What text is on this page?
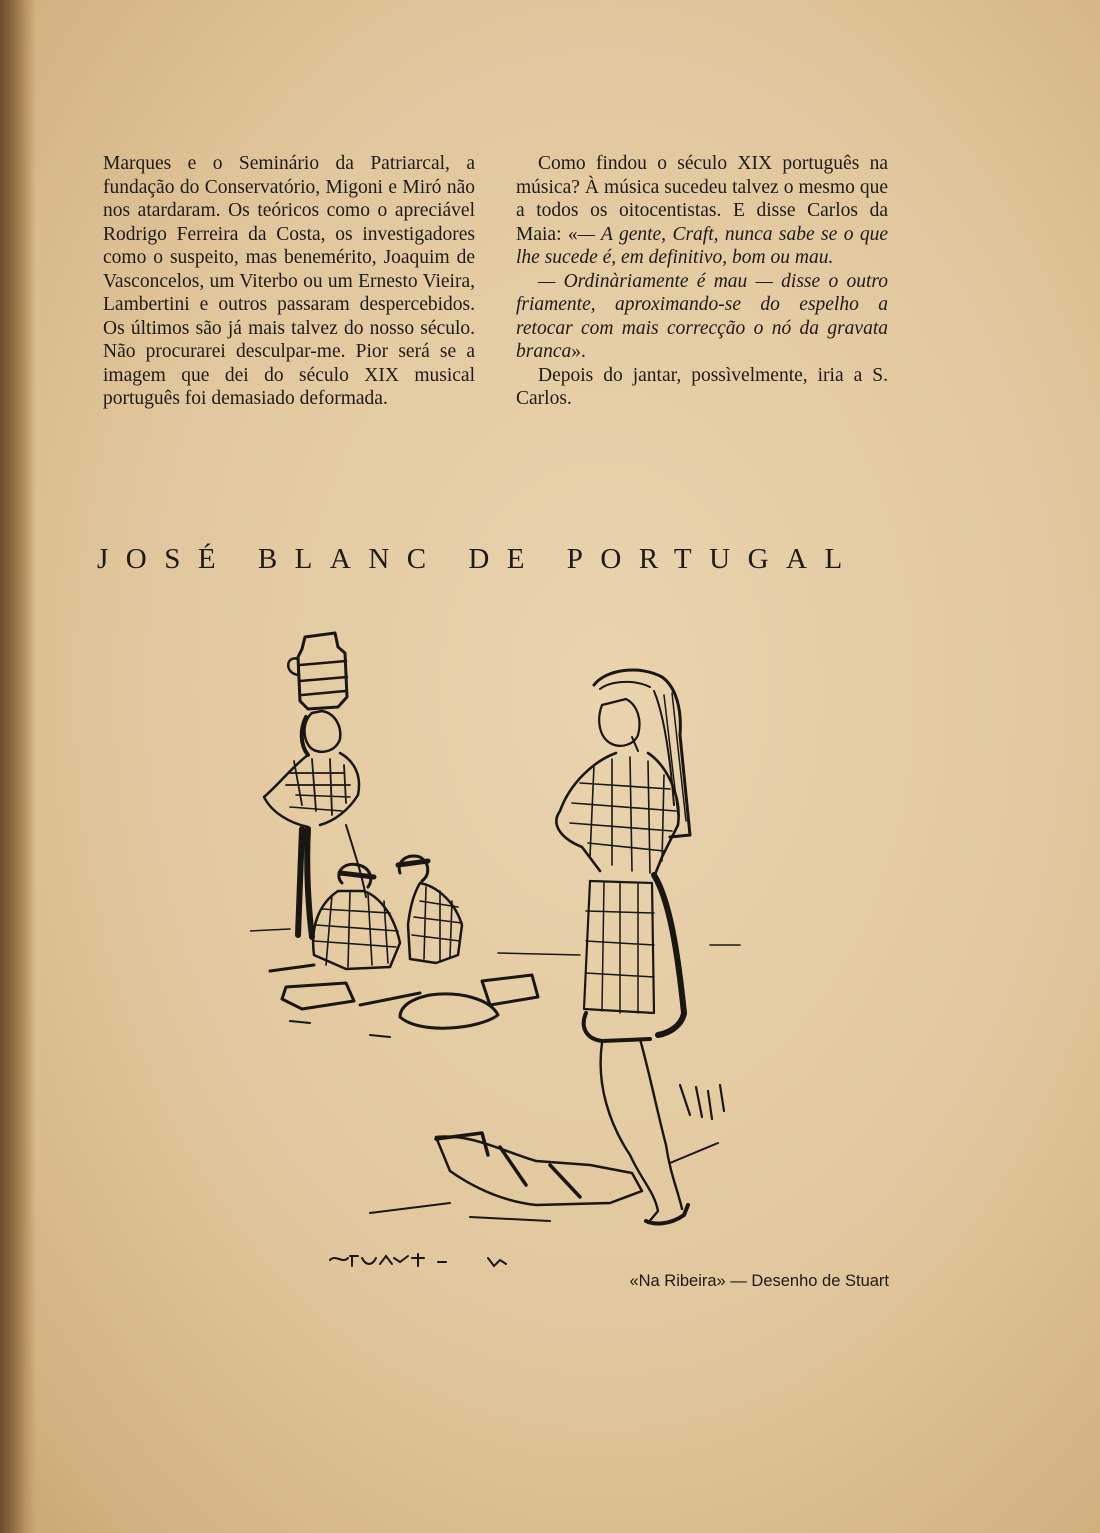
Marques e o Seminário da Patriarcal, a fundação do Conservatório, Migoni e Miró não nos atardaram. Os teóricos como o apreciável Rodrigo Ferreira da Costa, os investigadores como o suspeito, mas benemérito, Joaquim de Vasconcelos, um Viterbo ou um Ernesto Vieira, Lambertini e outros passaram despercebidos. Os últimos são já mais talvez do nosso século. Não procurarei desculpar-me. Pior será se a imagem que dei do século XIX musical português foi demasiado deformada.

Como findou o século XIX português na música? À música sucedeu talvez o mesmo que a todos os oitocentistas. E disse Carlos da Maia: «— A gente, Craft, nunca sabe se o que lhe sucede é, em definitivo, bom ou mau.

— Ordinàriamente é mau — disse o outro friamente, aproximando-se do espelho a retocar com mais correcção o nó da gravata branca».

Depois do jantar, possìvelmente, iria a S. Carlos.

JOSÉ BLANC DE PORTUGAL
«Na Ribeira» — Desenho de Stuart
